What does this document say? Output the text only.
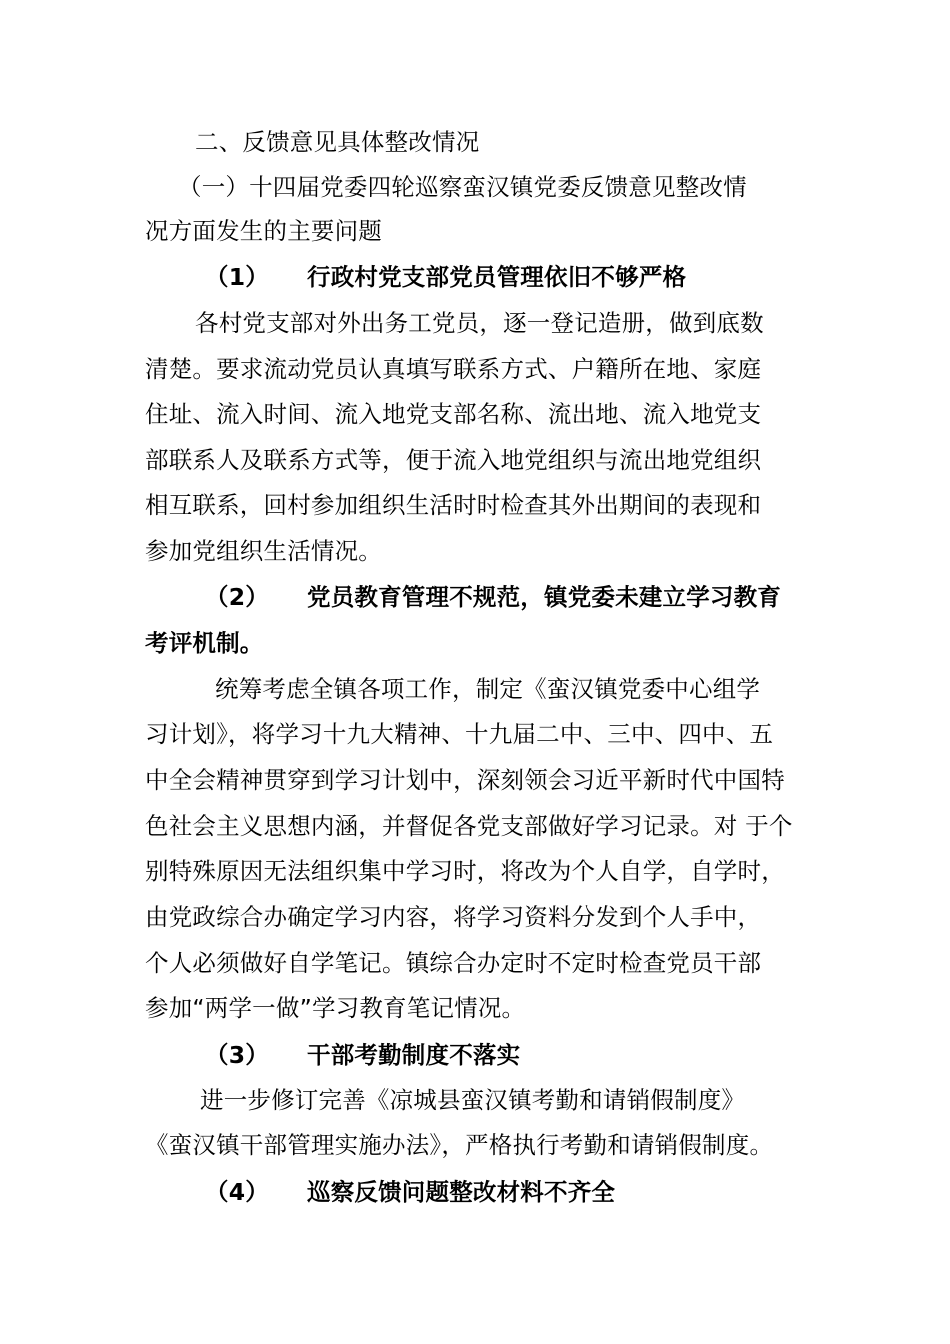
二、反馈意见具体整改情况
（一）十四届党委四轮巡察蛮汉镇党委反馈意见整改情
况方面发生的主要问题
（1） 行政村党支部党员管理依旧不够严格
各村党支部对外出务工党员，逐一登记造册，做到底数
清楚。要求流动党员认真填写联系方式、户籍所在地、家庭
住址、流入时间、流入地党支部名称、流出地、流入地党支
部联系人及联系方式等，便于流入地党组织与流出地党组织
相互联系，回村参加组织生活时时检查其外出期间的表现和
参加党组织生活情况。
（2） 党员教育管理不规范，镇党委未建立学习教育
考评机制。
统筹考虑全镇各项工作，制定《蛮汉镇党委中心组学
习计划》，将学习十九大精神、十九届二中、三中、四中、五
中全会精神贯穿到学习计划中，深刻领会习近平新时代中国特
色社会主义思想内涵，并督促各党支部做好学习记录。对 于个
别特殊原因无法组织集中学习时，将改为个人自学，自学时，
由党政综合办确定学习内容，将学习资料分发到个人手中，
个人必须做好自学笔记。镇综合办定时不定时检查党员干部
参加“两学一做”学习教育笔记情况。
（3） 干部考勤制度不落实
进一步修订完善《凉城县蛮汉镇考勤和请销假制度》
《蛮汉镇干部管理实施办法》，严格执行考勤和请销假制度。
（4） 巡察反馈问题整改材料不齐全
